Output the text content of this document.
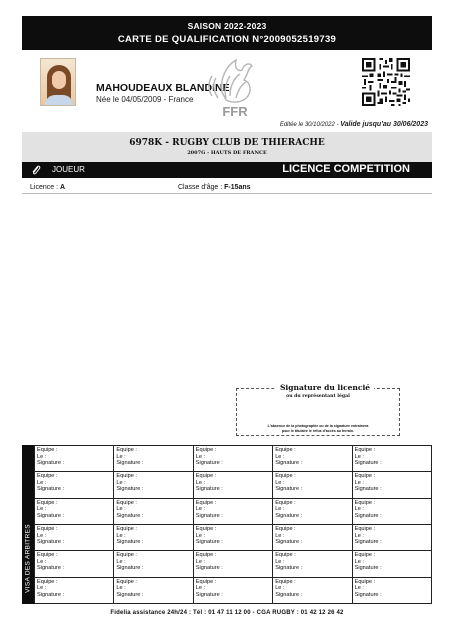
SAISON 2022-2023
CARTE DE QUALIFICATION N°2009052519739
MAHOUDEAUX BLANDINE
Née le 04/05/2009 - France
FFR
Editée le 30/10/2022 - Valide jusqu'au 30/06/2023
6978K - RUGBY CLUB DE THIERACHE
2007G - HAUTS DE FRANCE
JOUEUR	LICENCE COMPETITION
Licence : A	Classe d'âge : F-15ans
Signature du licencié
ou du représentant légal
L'absence de la photographie ou de la signature entraînera
pour le titulaire le refus d'accès au terrain.
VISA DES ARBITRES
Equipe :
Le :
Signature :
Equipe :
Le :
Signature :
Equipe :
Le :
Signature :
Equipe :
Le :
Signature :
Equipe :
Le :
Signature :
Equipe :
Le :
Signature :
Equipe :
Le :
Signature :
Equipe :
Le :
Signature :
Equipe :
Le :
Signature :
Equipe :
Le :
Signature :
Equipe :
Le :
Signature :
Equipe :
Le :
Signature :
Equipe :
Le :
Signature :
Equipe :
Le :
Signature :
Equipe :
Le :
Signature :
Equipe :
Le :
Signature :
Equipe :
Le :
Signature :
Equipe :
Le :
Signature :
Equipe :
Le :
Signature :
Equipe :
Le :
Signature :
Equipe :
Le :
Signature :
Equipe :
Le :
Signature :
Equipe :
Le :
Signature :
Equipe :
Le :
Signature :
Equipe :
Le :
Signature :
Equipe :
Le :
Signature :
Equipe :
Le :
Signature :
Equipe :
Le :
Signature :
Equipe :
Le :
Signature :
Equipe :
Le :
Signature :
Fidelia assistance 24h/24 : Tél : 01 47 11 12 00 - CGA RUGBY : 01 42 12 26 42
